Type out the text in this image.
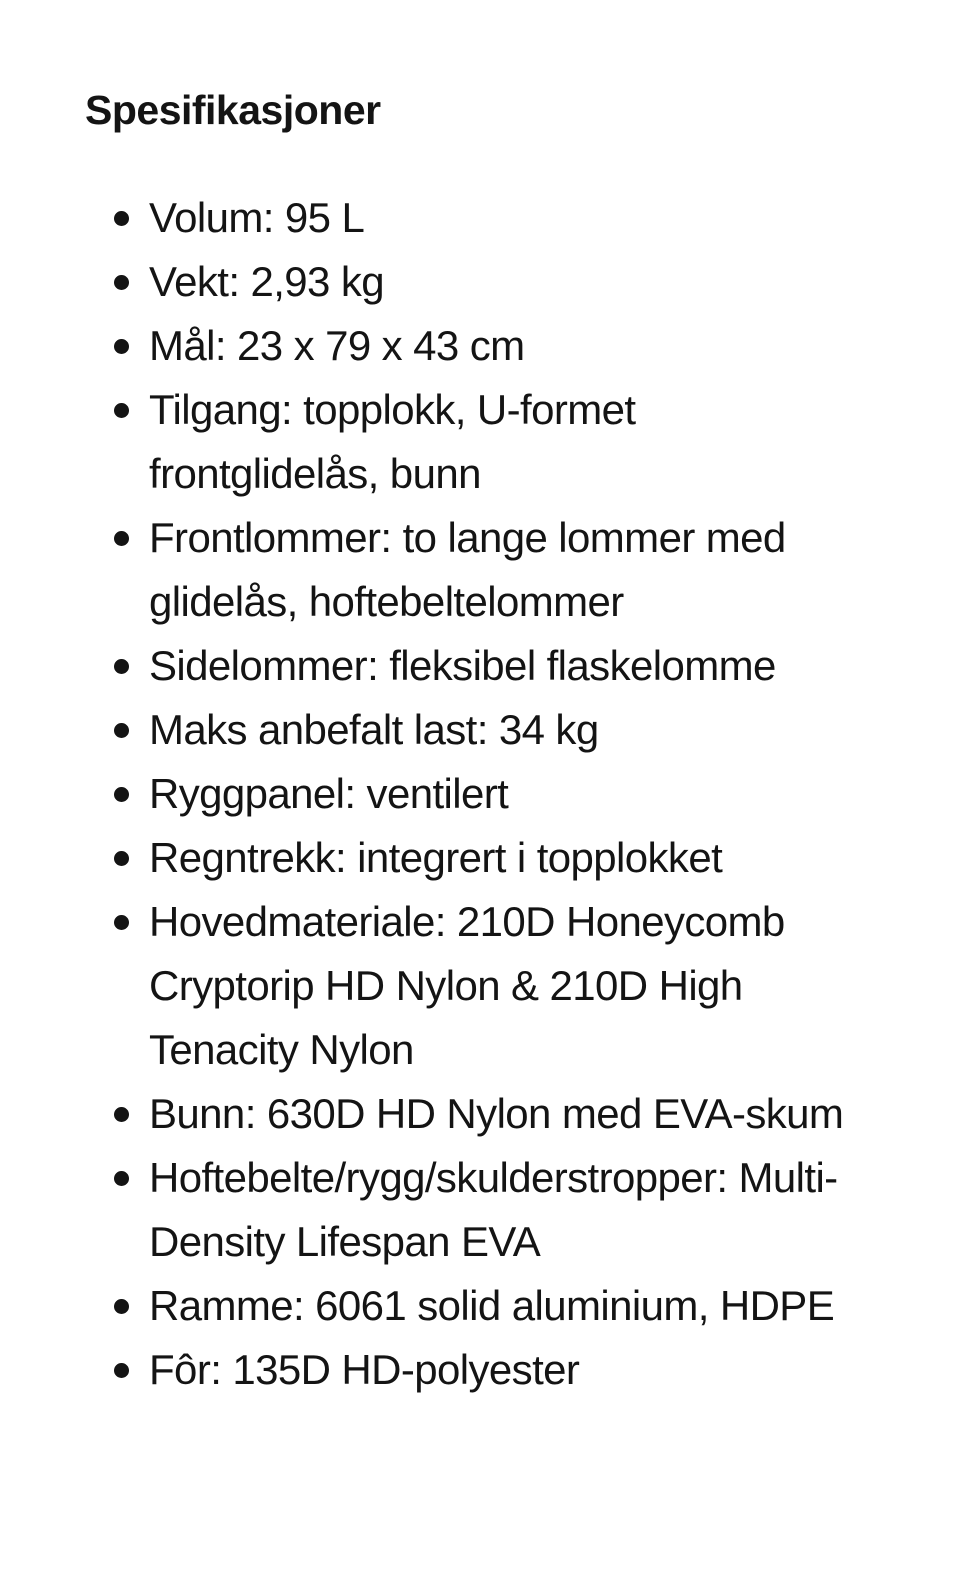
Spesifikasjoner
Volum: 95 L
Vekt: 2,93 kg
Mål: 23 x 79 x 43 cm
Tilgang: topplokk, U-formet frontglidelås, bunn
Frontlommer: to lange lommer med glidelås, hoftebeltelommer
Sidelommer: fleksibel flaskelomme
Maks anbefalt last: 34 kg
Ryggpanel: ventilert
Regntrekk: integrert i topplokket
Hovedmateriale: 210D Honeycomb Cryptorip HD Nylon & 210D High Tenacity Nylon
Bunn: 630D HD Nylon med EVA-skum
Hoftebelte/rygg/skulderstropper: Multi-Density Lifespan EVA
Ramme: 6061 solid aluminium, HDPE
Fôr: 135D HD-polyester
